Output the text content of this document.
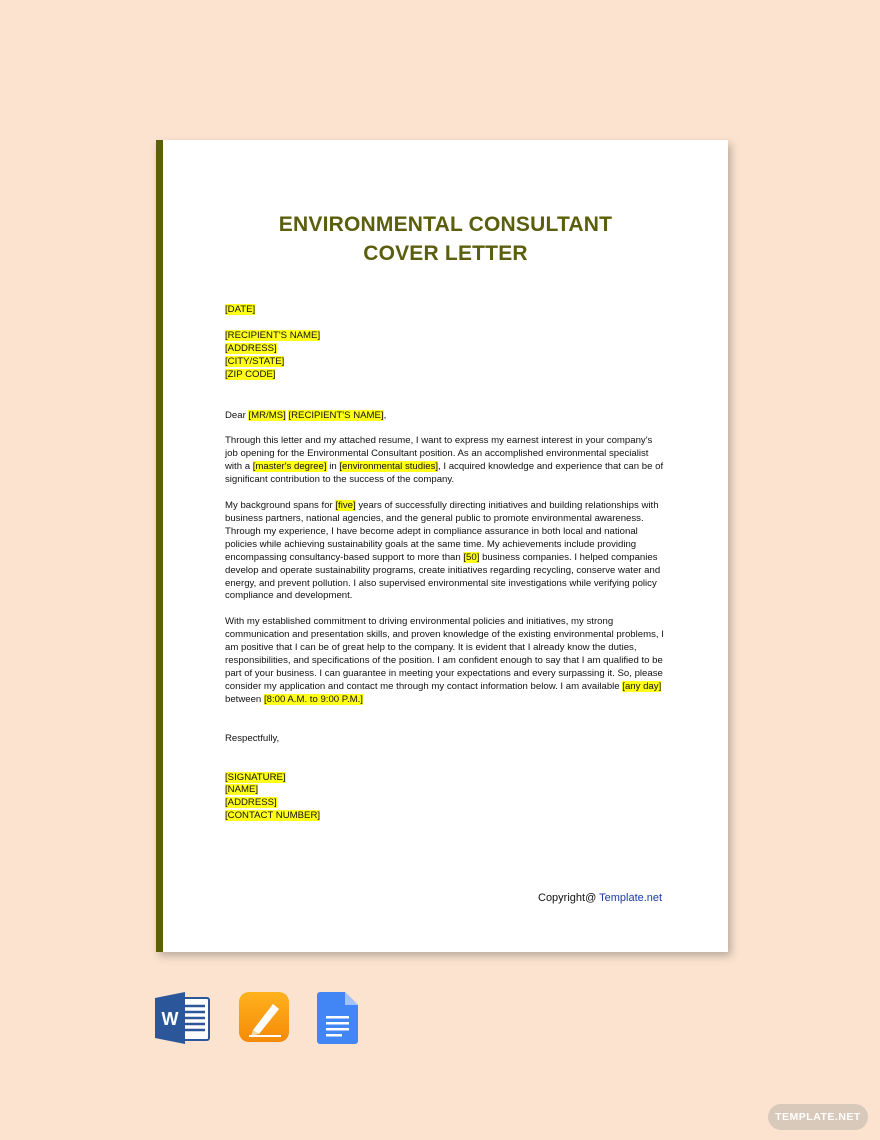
ENVIRONMENTAL CONSULTANT
COVER LETTER

[DATE]

[RECIPIENT'S NAME]
[ADDRESS]
[CITY/STATE]
[ZIP CODE]

Dear [MR/MS] [RECIPIENT'S NAME],

Through this letter and my attached resume, I want to express my earnest interest in your company's job opening for the Environmental Consultant position. As an accomplished environmental specialist with a [master's degree] in [environmental studies], I acquired knowledge and experience that can be of significant contribution to the success of the company.

My background spans for [five] years of successfully directing initiatives and building relationships with business partners, national agencies, and the general public to promote environmental awareness. Through my experience, I have become adept in compliance assurance in both local and national policies while achieving sustainability goals at the same time. My achievements include providing encompassing consultancy-based support to more than [50] business companies. I helped companies develop and operate sustainability programs, create initiatives regarding recycling, conserve water and energy, and prevent pollution. I also supervised environmental site investigations while verifying policy compliance and development.

With my established commitment to driving environmental policies and initiatives, my strong communication and presentation skills, and proven knowledge of the existing environmental problems, I am positive that I can be of great help to the company. It is evident that I already know the duties, responsibilities, and specifications of the position. I am confident enough to say that I am qualified to be part of your business. I can guarantee in meeting your expectations and every surpassing it. So, please consider my application and contact me through my contact information below. I am available [any day] between [8:00 A.M. to 9:00 P.M.]

Respectfully,

[SIGNATURE]
[NAME]
[ADDRESS]
[CONTACT NUMBER]
Copyright@ Template.net
W
TEMPLATE.NET
